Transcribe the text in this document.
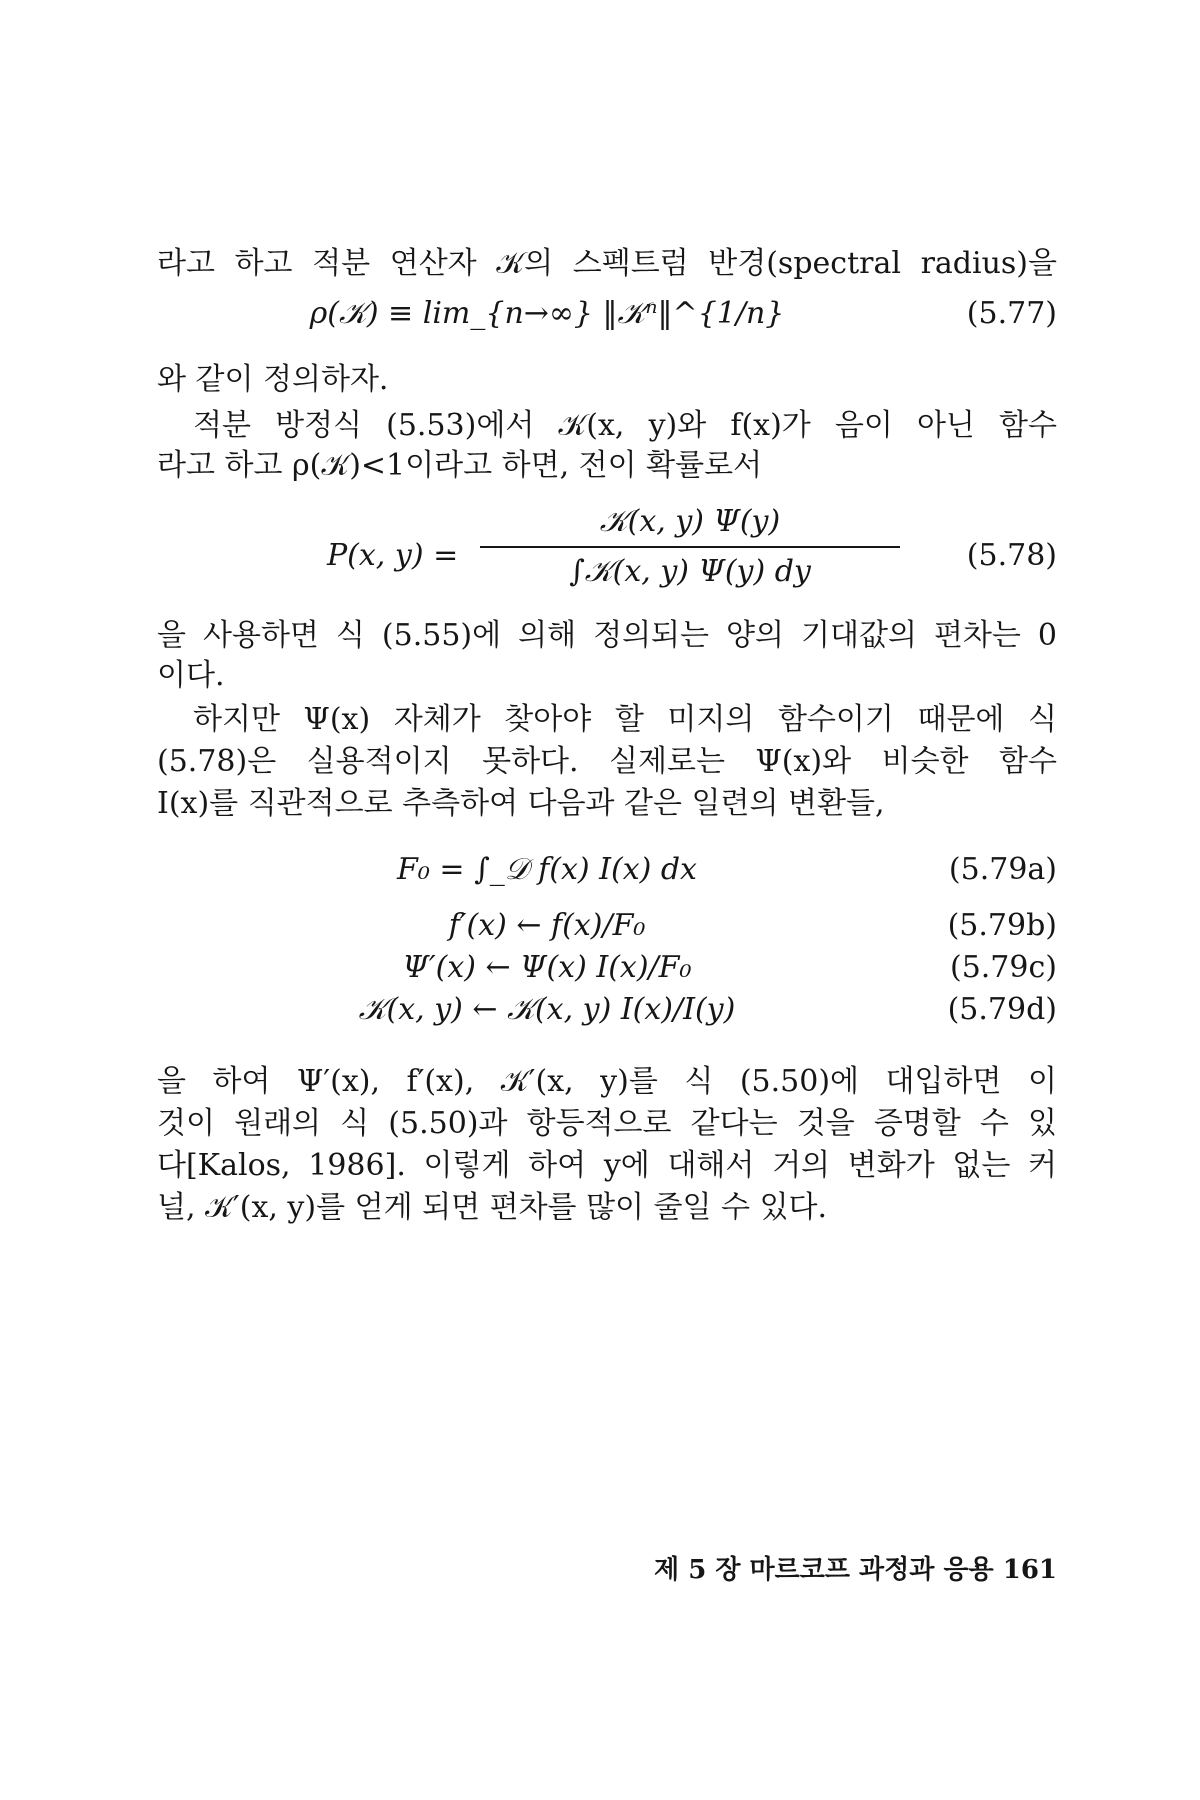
라고 하고 적분 연산자 𝒦의 스펙트럼 반경(spectral radius)을
ρ(𝒦) ≡ lim_{n→∞} ‖𝒦ⁿ‖^{1/n}	(5.77)
와 같이 정의하자.
적분 방정식 (5.53)에서 𝒦(x, y)와 f(x)가 음이 아닌 함수
라고 하고 ρ(𝒦)<1이라고 하면, 전이 확률로서
P(x, y) =
𝒦(x, y) Ψ(y)
∫𝒦(x, y) Ψ(y) dy	(5.78)
을 사용하면 식 (5.55)에 의해 정의되는 양의 기대값의 편차는 0
이다.
하지만 Ψ(x) 자체가 찾아야 할 미지의 함수이기 때문에 식
(5.78)은 실용적이지 못하다. 실제로는 Ψ(x)와 비슷한 함수
I(x)를 직관적으로 추측하여 다음과 같은 일련의 변환들,
F₀ = ∫_𝒟 f(x) I(x) dx	(5.79a)
f′(x) ← f(x)/F₀	(5.79b)
Ψ′(x) ← Ψ(x) I(x)/F₀	(5.79c)
𝒦(x, y) ← 𝒦(x, y) I(x)/I(y)	(5.79d)
을 하여 Ψ′(x), f′(x), 𝒦′(x, y)를 식 (5.50)에 대입하면 이
것이 원래의 식 (5.50)과 항등적으로 같다는 것을 증명할 수 있
다[Kalos, 1986]. 이렇게 하여 y에 대해서 거의 변화가 없는 커
널, 𝒦′(x, y)를 얻게 되면 편차를 많이 줄일 수 있다.
제 5 장 마르코프 과정과 응용 161
